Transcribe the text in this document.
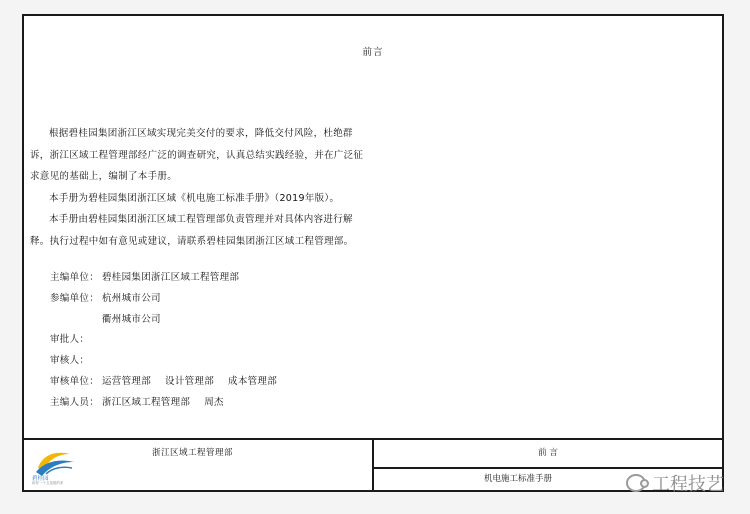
前言

根据碧桂园集团浙江区域实现完美交付的要求，降低交付风险，杜绝群诉，浙江区域工程管理部经广泛的调查研究，认真总结实践经验，并在广泛征求意见的基础上，编制了本手册。

本手册为碧桂园集团浙江区域《机电施工标准手册》（2019年版）。

本手册由碧桂园集团浙江区域工程管理部负责管理并对具体内容进行解释。执行过程中如有意见或建议，请联系碧桂园集团浙江区域工程管理部。

主编单位： 碧桂园集团浙江区域工程管理部
参编单位： 杭州城市公司
衢州城市公司
审批人：
审核人：
审核单位： 运营管理部 设计管理部 成本管理部
主编人员： 浙江区域工程管理部 周杰
碧桂园
给你一个五星级的家
浙江区域工程管理部	前 言
机电施工标准手册	工程技艺
